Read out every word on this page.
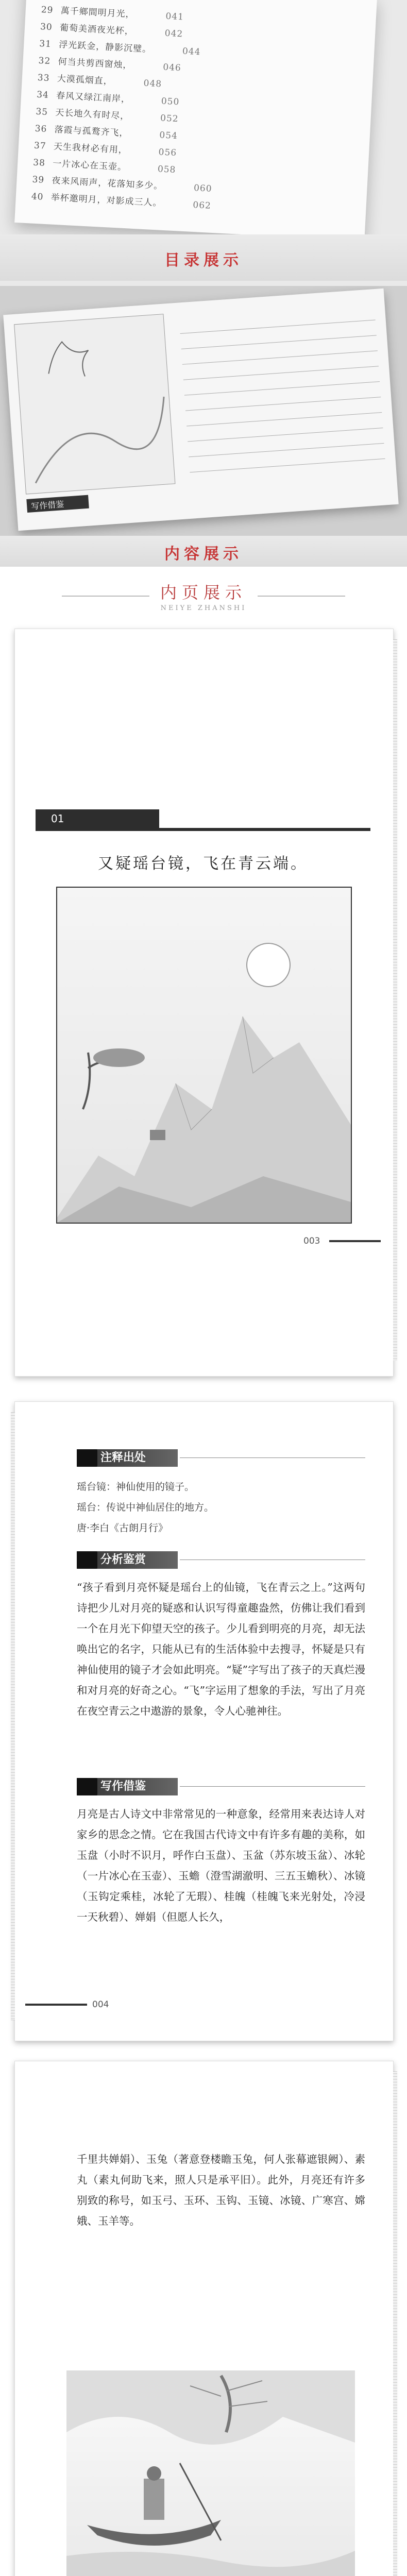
29 萬千鄉間明月光，	041
30 葡萄美酒夜光杯，	042
31 浮光跃金，静影沉璧。	044
32 何当共剪西窗烛，	046
33 大漠孤烟直，	048
34 春风又绿江南岸，	050
35 天长地久有时尽，	052
36 落霞与孤鹜齐飞，	054
37 天生我材必有用，	056
38 一片冰心在玉壶。	058
39 夜来风雨声，花落知多少。	060
40 举杯邀明月，对影成三人。	062
目录展示
写作借鉴
内容展示
内页展示
NEIYE ZHANSHI
01
又疑瑶台镜，飞在青云端。
003
注释出处
瑶台镜：神仙使用的镜子。
瑶台：传说中神仙居住的地方。
唐·李白《古朗月行》
分析鉴赏
“孩子看到月亮怀疑是瑶台上的仙镜，飞在青云之上。”这两句诗把少儿对月亮的疑惑和认识写得童趣盎然，仿佛让我们看到一个在月光下仰望天空的孩子。少儿看到明亮的月亮，却无法唤出它的名字，只能从已有的生活体验中去搜寻，怀疑是只有神仙使用的镜子才会如此明亮。“疑”字写出了孩子的天真烂漫和对月亮的好奇之心。“飞”字运用了想象的手法，写出了月亮在夜空青云之中遨游的景象，令人心驰神往。
写作借鉴
月亮是古人诗文中非常常见的一种意象，经常用来表达诗人对家乡的思念之情。它在我国古代诗文中有许多有趣的美称，如玉盘（小时不识月，呼作白玉盘）、玉盆（苏东坡玉盆）、冰轮（一片冰心在玉壶）、玉蟾（澄雪湖澈明、三五玉蟾秋）、冰镜（玉钩定乘桂，冰轮了无瑕）、桂魄（桂魄飞来光射处，冷浸一天秋碧）、婵娟（但愿人长久，
004
千里共婵娟）、玉兔（著意登楼瞻玉兔，何人张幕遮银阙）、素丸（素丸何助飞来，照人只是承平旧）。此外，月亮还有许多别致的称号，如玉弓、玉环、玉钩、玉镜、冰镜、广寒宫、嫦娥、玉羊等。
